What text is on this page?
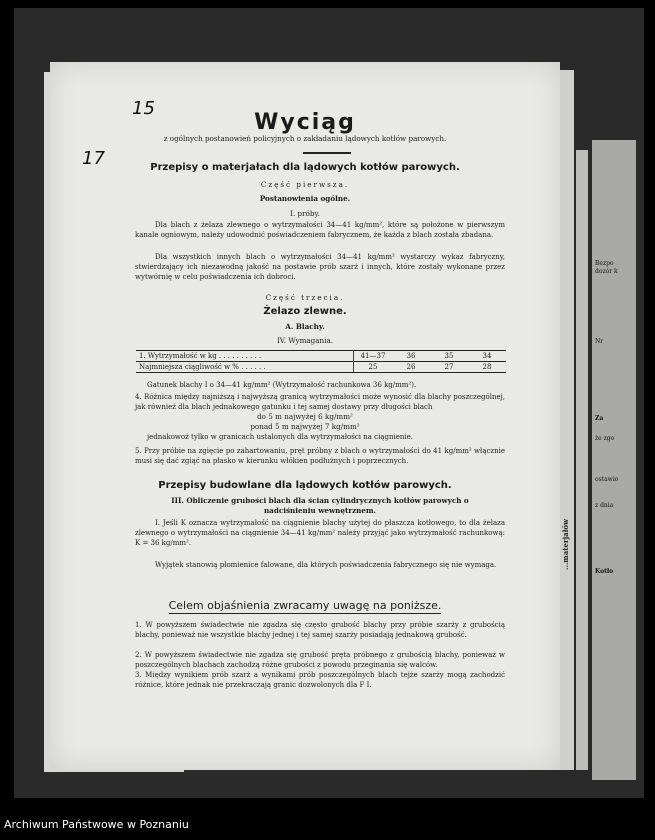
...materjałów
Bezpo
dozór k
Nr
Za
że zgo
ostawio
z dnia
Kotło
15
17
Wyciąg
z ogólnych postanowień policyjnych o zakładaniu lądowych kotłów parowych.
Przepisy o materjałach dla lądowych kotłów parowych.
Część pierwsza.
Postanowienia ogólne.
I. próby.
Dla blach z żelaza zlewnego o wytrzymałości 34—41 kg/mm², które są położone w pierwszym kanale ogniowym, należy udowodnić poświadczeniem fabrycznem, że każda z blach została zbadana.
Dla wszystkich innych blach o wytrzymałości 34—41 kg/mm² wystarczy wykaz fabryczny, stwierdzający ich niezawodną jakość na postawie prób szarż i innych, które zostały wykonane przez wytwórnię w celu poświadczenia ich dobroci.
Część trzecia.
Żelazo zlewne.
A. Blachy.
IV. Wymagania.
1. Wytrzymałość w kg . . . . . . . . . .	41—37	36	35	34
Najmniejsza ciągliwość w % . . . . . .	25	26	27	28
Gatunek blachy I o 34—41 kg/mm² (Wytrzymałość rachunkowa 36 kg/mm²).
4. Różnica między najniższą i najwyższą granicą wytrzymałości może wynosić dla blachy poszczególnej, jak również dla blach jednakowego gatunku i tej samej dostawy przy długości blach
do 5 m najwyżej 6 kg/mm²
ponad 5 m najwyżej 7 kg/mm²
jednakowoż tylko w granicach ustalonych dla wytrzymałości na ciągnienie.
5. Przy próbie na zgięcie po zahartowaniu, pręt próbny z blach o wytrzymałości do 41 kg/mm² włącznie musi się dać zgiąć na płasko w kierunku włókien podłużnych i poprzecznych.
Przepisy budowlane dla lądowych kotłów parowych.
III. Obliczenie grubości blach dla ścian cylindrycznych kotłów parowych o nadciśnieniu wewnętrznem.
I. Jeśli K oznacza wytrzymałość na ciągnienie blachy użytej do płaszcza kotłowego, to dla żelaza zlewnego o wytrzymałości na ciągnienie 34—41 kg/mm² należy przyjąć jako wytrzymałość rachunkową: K = 36 kg/mm².
Wyjątek stanowią płomienice falowane, dla których poświadczenia fabrycznego się nie wymaga.
Celem objaśnienia zwracamy uwagę na poniższe.
1. W powyższem świadectwie nie zgadza się często grubość blachy przy próbie szarży z grubością blachy, ponieważ nie wszystkie blachy jednej i tej samej szarży posiadają jednakową grubość.
2. W powyższem świadectwie nie zgadza się grubość pręta próbnego z grubością blachy, ponieważ w poszczególnych blachach zachodzą różne grubości z powodu przeginania się walców.
3. Między wynikiem prób szarż a wynikami prób poszczególnych blach tejże szarży mogą zachodzić różnice, które jednak nie przekraczają granic dozwolonych dla F I.
Archiwum Państwowe w Poznaniu
